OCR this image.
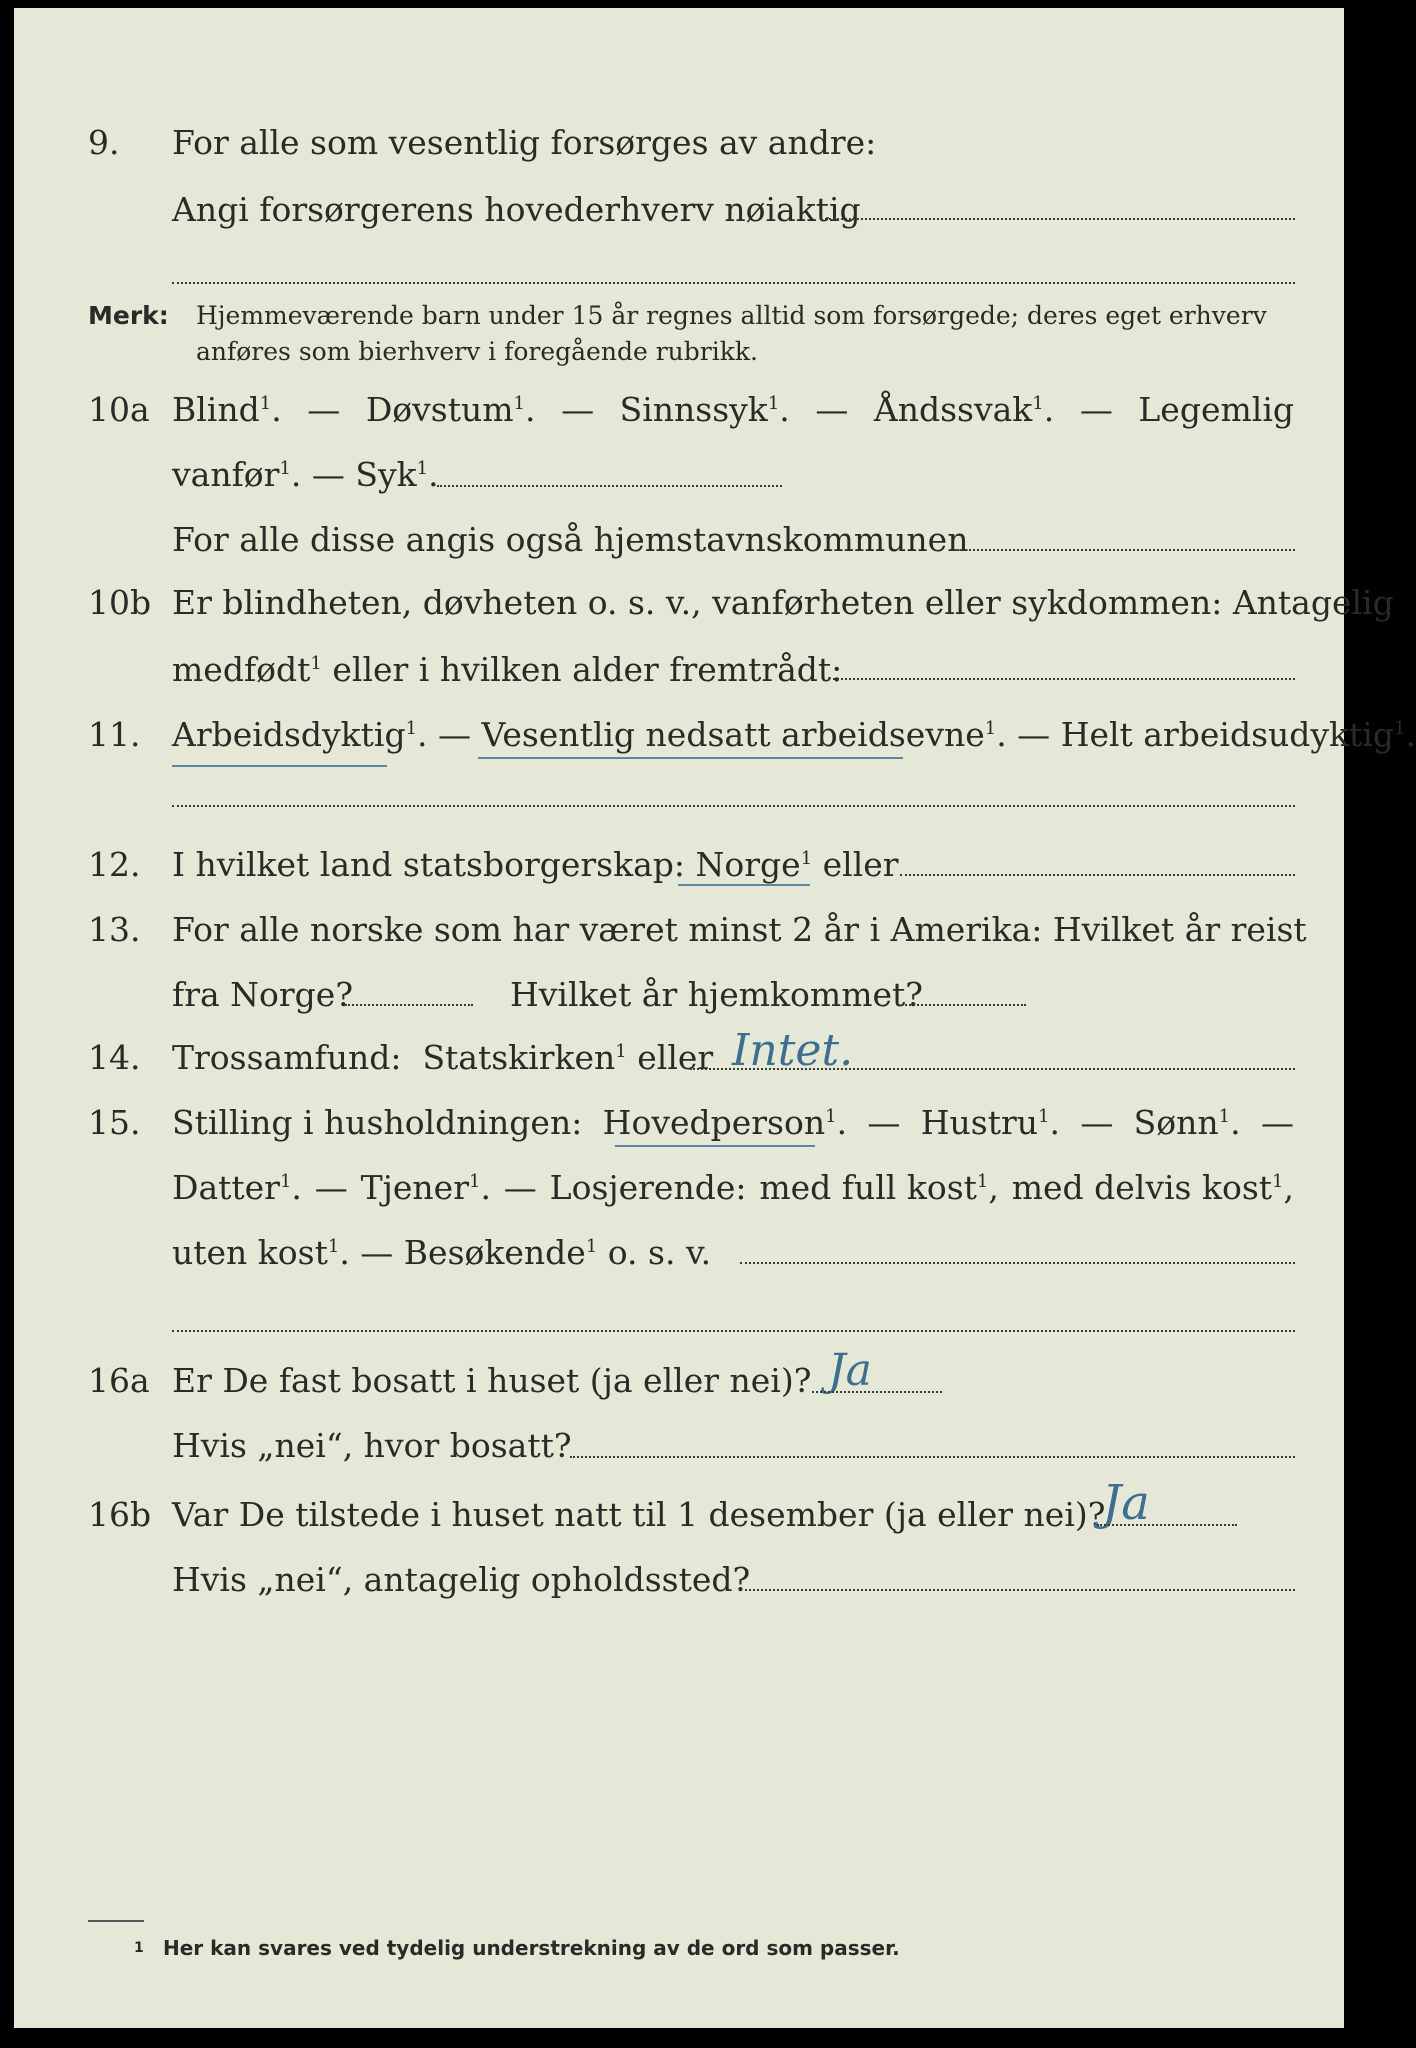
9. For alle som vesentlig forsørges av andre:
Angi forsørgerens hovederhverv nøiaktig
Merk: Hjemmeværende barn under 15 år regnes alltid som forsørgede; deres eget erhverv
anføres som bierhverv i foregående rubrikk.
10a Blind$^1$. — Døvstum$^1$. — Sinnssyk$^1$. — Åndssvak$^1$. — Legemlig
vanfør$^1$. — Syk$^1$.
For alle disse angis også hjemstavnskommunen
10b Er blindheten, døvheten o. s. v., vanførheten eller sykdommen: Antagelig
medfødt$^1$ eller i hvilken alder fremtrådt:
11. Arbeidsdyktig$^1$. — Vesentlig nedsatt arbeidsevne$^1$. — Helt arbeidsudyktig$^1$.
12. I hvilket land statsborgerskap: Norge$^1$ eller
13. For alle norske som har været minst 2 år i Amerika: Hvilket år reist
fra Norge?	Hvilket år hjemkommet?
14. Trossamfund: Statskirken$^1$ eller Intet.
15. Stilling i husholdningen: Hovedperson$^1$. — Hustru$^1$. — Sønn$^1$. —
Datter$^1$. — Tjener$^1$. — Losjerende: med full kost$^1$, med delvis kost$^1$,
uten kost$^1$. — Besøkende$^1$ o. s. v.
16a Er De fast bosatt i huset (ja eller nei)? Ja
Hvis „nei“, hvor bosatt?
16b Var De tilstede i huset natt til 1 desember (ja eller nei)?
Ja
Hvis „nei“, antagelig opholdssted?
1 Her kan svares ved tydelig understrekning av de ord som passer.
